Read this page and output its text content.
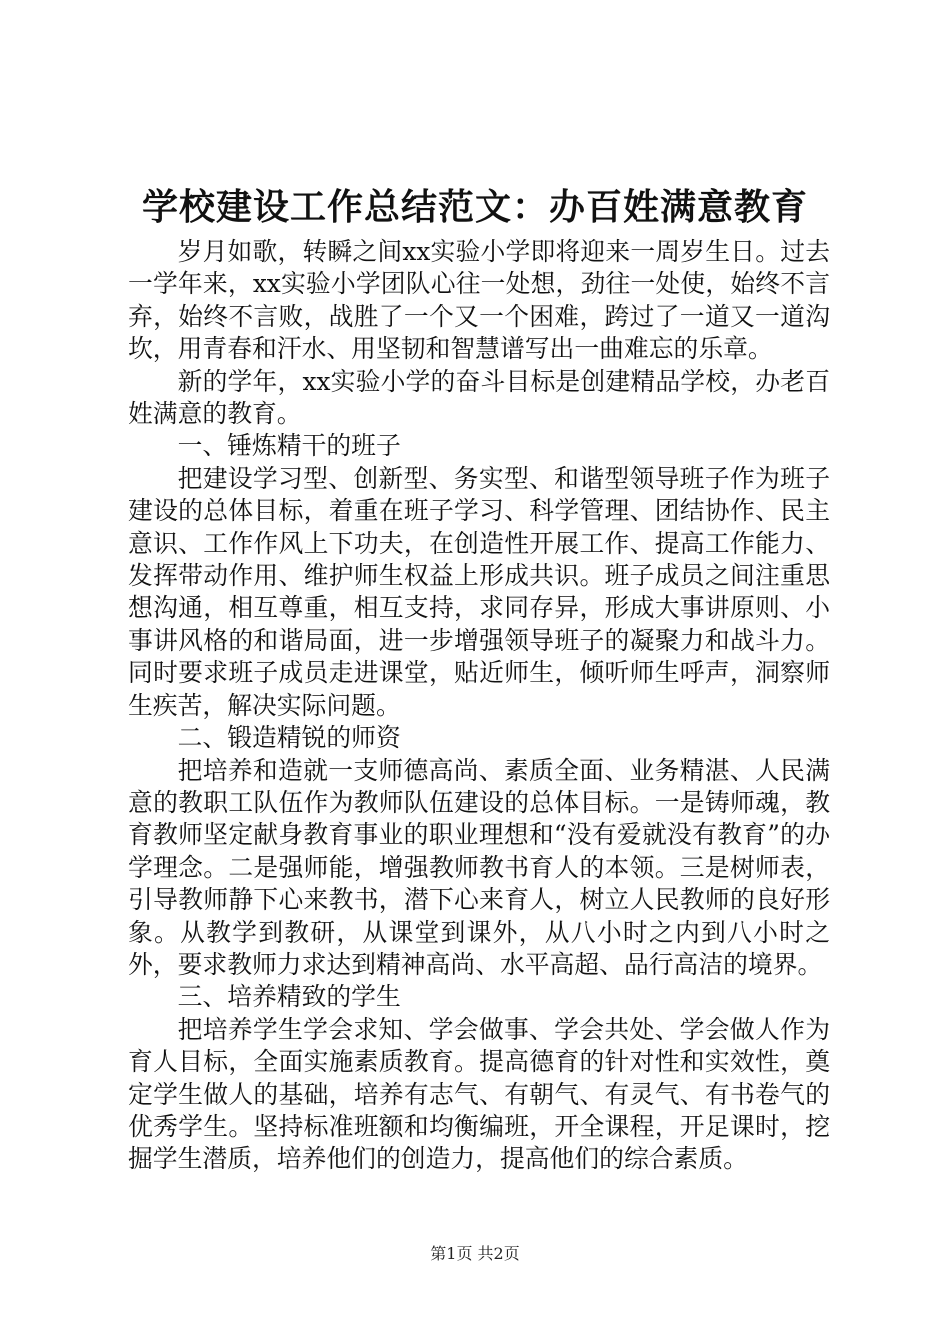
学校建设工作总结范文：办百姓满意教育

岁月如歌，转瞬之间xx实验小学即将迎来一周岁生日。过去一学年来，xx实验小学团队心往一处想，劲往一处使，始终不言弃，始终不言败，战胜了一个又一个困难，跨过了一道又一道沟坎，用青春和汗水、用坚韧和智慧谱写出一曲难忘的乐章。

新的学年，xx实验小学的奋斗目标是创建精品学校，办老百姓满意的教育。

一、锤炼精干的班子

把建设学习型、创新型、务实型、和谐型领导班子作为班子建设的总体目标，着重在班子学习、科学管理、团结协作、民主意识、工作作风上下功夫，在创造性开展工作、提高工作能力、发挥带动作用、维护师生权益上形成共识。班子成员之间注重思想沟通，相互尊重，相互支持，求同存异，形成大事讲原则、小事讲风格的和谐局面，进一步增强领导班子的凝聚力和战斗力。同时要求班子成员走进课堂，贴近师生，倾听师生呼声，洞察师生疾苦，解决实际问题。

二、锻造精锐的师资

把培养和造就一支师德高尚、素质全面、业务精湛、人民满意的教职工队伍作为教师队伍建设的总体目标。一是铸师魂，教育教师坚定献身教育事业的职业理想和“没有爱就没有教育”的办学理念。二是强师能，增强教师教书育人的本领。三是树师表，引导教师静下心来教书，潜下心来育人，树立人民教师的良好形象。从教学到教研，从课堂到课外，从八小时之内到八小时之外，要求教师力求达到精神高尚、水平高超、品行高洁的境界。

三、培养精致的学生

把培养学生学会求知、学会做事、学会共处、学会做人作为育人目标，全面实施素质教育。提高德育的针对性和实效性，奠定学生做人的基础，培养有志气、有朝气、有灵气、有书卷气的优秀学生。坚持标准班额和均衡编班，开全课程，开足课时，挖掘学生潜质，培养他们的创造力，提高他们的综合素质。

第1页 共2页
